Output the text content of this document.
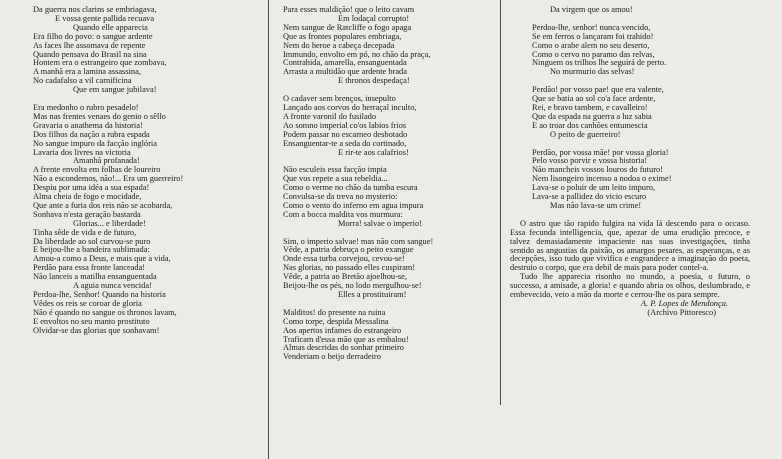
Da guerra nos clarins se embriagava,
E vossa gente pallida recuava
Quando elle apparecia
Era filho do povo: o sangue ardente
As faces lhe assomava de repente
Quando pensava do Brasil na sina
Hontem era o estrangeiro que zombava,
A manhã era a lamina assassina,
No cadafalso a vil carnificina
Que em sangue jubilava!
Era medonho o rubro pesadelo!
Mas nas frentes venaes do genio o sêllo
Gravaria o anathema da historia!
Dos filhos da nação a rubra espada
No sangue impuro da facção inglória
Lavaria dos livres na victoria
Amanhã profanada!
A frente envolta em folhas de loureiro
Não a escondemos, não!... Era um guerreiro!
Despiu por uma idéa a sua espada!
Alma cheia de fogo e mocidade,
Que ante a furia dos reis não se acobarda,
Sonhava n'esta geração bastarda
Glorias... e liberdade!
Tinha sêde de vida e de futuro,
Da liberdade ao sol curvou-se puro
E beijou-lhe a bandeira sublimada:
Amou-a como a Deus, e mais que a vida,
Perdão para essa fronte lanceada!
Não lanceis a matilha ensanguentada
A aguia nunca vencida!
Perdoa-lhe, Senhor! Quando na historia
Vêdes os reis se coroar de gloria
Não é quando no sangue os thronos lavam,
E envoltos no seu manto prostituto
Olvidar-se das glorias que sonhavam!
Para esses maldição! que o leito cavam
Em lodaçal corrupto!
Nem sangue de Ratcliffe o fogo apaga
Que as frontes populares embriaga,
Nem do heroe a cabeça decepada
Immundo, envolto em pó, no chão da praça,
Contrahida, amarella, ensanguentada
Arrasta a multidão que ardente brada
E thronos despedaça!
O cadaver sem brenços, insepulto
Lançado aos corvos do herraçal inculto,
A fronte varonil do fusilado
Ao somno imperial co'os labios frios
Podem passar no escarneo desbotado
Ensanguentar-te a seda do cortinado,
E rir-te aos calafrios!
Não esculeis essa facção impia
Que vos repete a sua rebeldia...
Como o verme no chão da tumba escura
Convulsa-se da treva no mysterio:
Como o vento do inferno em agua impura
Com a bocca maldita vos murmura:
Morra! salvae o imperio!
Sim, o imperio salvae! mas não com sangue!
Vêde, a patria debruça o peito exangue
Onde essa turba corvejou, cevou-se!
Nas glorias, no passado elles cuspiram!
Vêde, a patria ao Bretão ajoelhou-se,
Beijou-lhe os pés, no lodo mergulhou-se!
Elles a prostituiram!
Malditos! do presente na ruina
Como torpe, despida Messalina
Aos apertos infames do estrangeiro
Traficam d'essa mão que as embalou!
Almas descridas do sonhar primeiro
Venderiam o beijo derradeiro
Da virgem que os amou!
Perdoa-lhe, senhor! nunca vencido,
Se em ferros o lançaram foi trahido!
Como o arabe alem no seu deserto,
Como o cervo no paramo das relvas,
Ninguem os trilhos lhe seguirá de perto.
No murmurio das selvas!
Perdão! por vosso pae! que era valente,
Que se batia ao sol co'a face ardente,
Rei, e bravo tambem, e cavalleiro!
Que da espada na guerra a luz sabia
E ao troar dos canhões entumescia
O peito de guerreiro!
Perdão, por vossa mãe! por vossa gloria!
Pelo vosso porvir e vossa historia!
Não mancheis vossos louros do futuro!
Nem lisongeiro incenso a nodoa o exime!
Lava-se o poluir de um leito impuro,
Lava-se a pallidez do vicio escuro
Mas não lava-se um crime!
O astro que tão rapido fulgira na vida lá descendo para o occaso. Essa fecunda intelligencia, que, apezar de uma erudição precoce, e talvez demasiadamente impaciente nas suas investigações, tinha sentido as angustias da paixão, os amargos pesares, as esperanças, e as decepções, isso tudo que vivifica e engrandece a imaginação do poeta, destruio o corpo, que era debil de mais para poder contel-a.
Tudo lhe apparecia risonho no mundo, a poesia, o futuro, o successo, a amisade, a gloria! e quando abria os olhos, deslumbrado, e embevecido, veio a mão da morte e cerrou-lhe os para sempre.
A. P. Lopes de Mendonça.
(Archivo Pittoresco)
